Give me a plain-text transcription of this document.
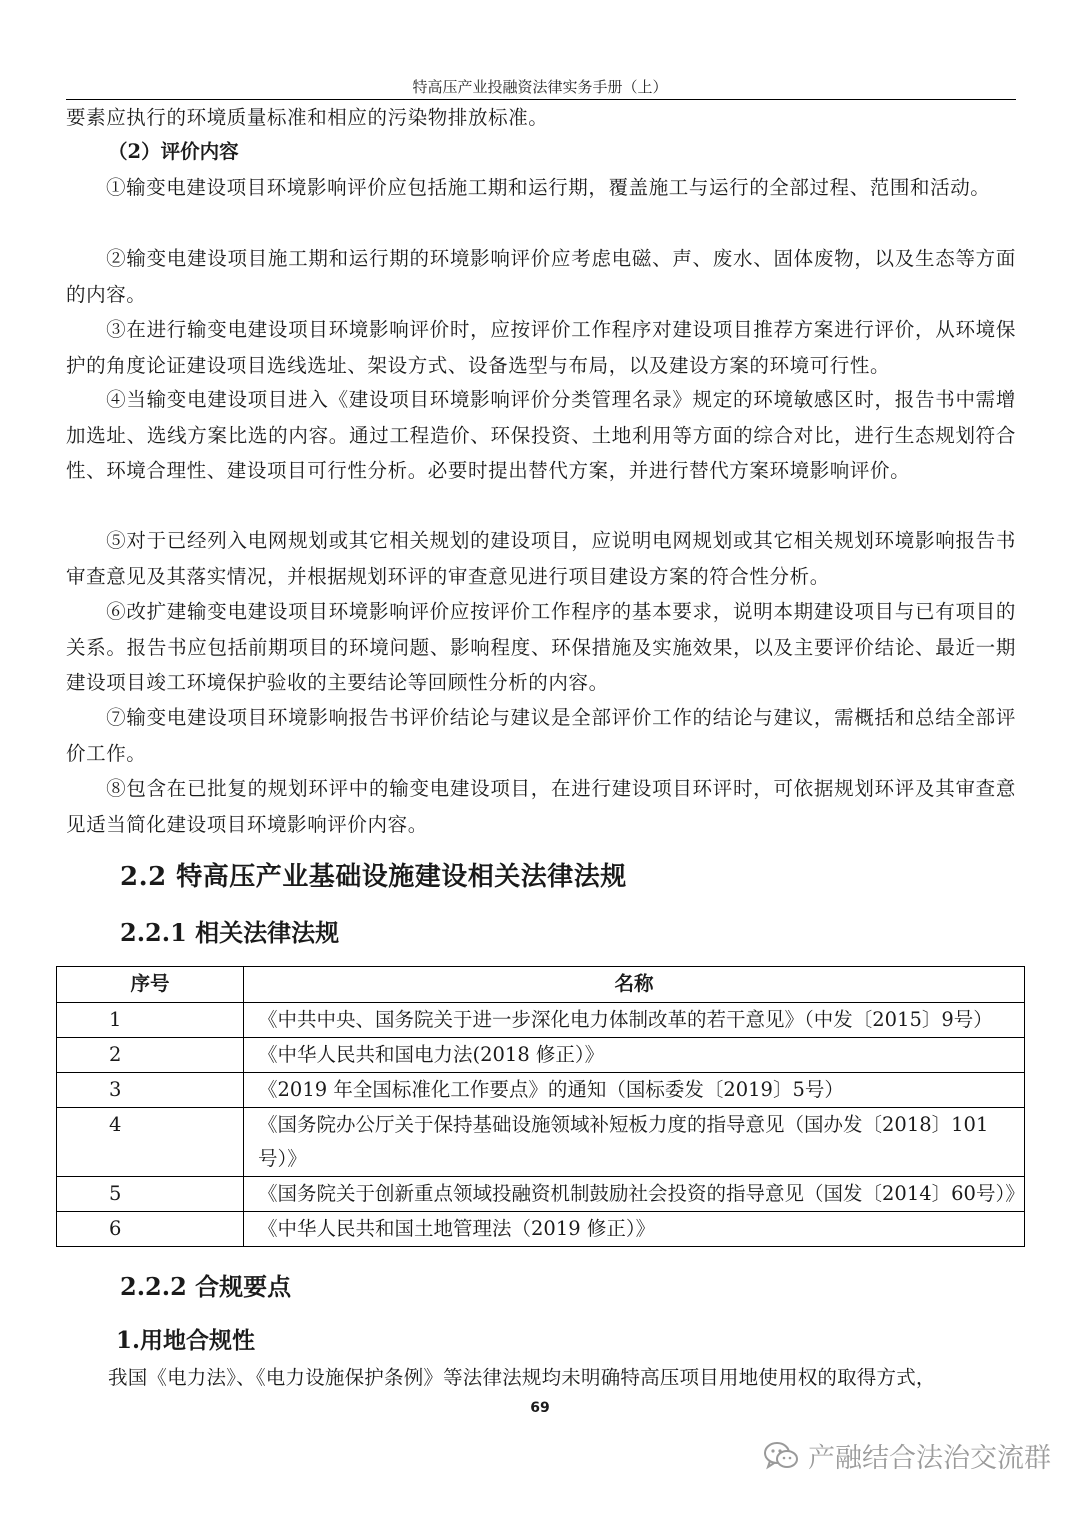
特高压产业投融资法律实务手册（上）

要素应执行的环境质量标准和相应的污染物排放标准。

（2）评价内容

①输变电建设项目环境影响评价应包括施工期和运行期，覆盖施工与运行的全部过程、范围和活动。

②输变电建设项目施工期和运行期的环境影响评价应考虑电磁、声、废水、固体废物，以及生态等方面的内容。

③在进行输变电建设项目环境影响评价时，应按评价工作程序对建设项目推荐方案进行评价，从环境保护的角度论证建设项目选线选址、架设方式、设备选型与布局，以及建设方案的环境可行性。

④当输变电建设项目进入《建设项目环境影响评价分类管理名录》规定的环境敏感区时，报告书中需增加选址、选线方案比选的内容。通过工程造价、环保投资、土地利用等方面的综合对比，进行生态规划符合性、环境合理性、建设项目可行性分析。必要时提出替代方案，并进行替代方案环境影响评价。

⑤对于已经列入电网规划或其它相关规划的建设项目，应说明电网规划或其它相关规划环境影响报告书审查意见及其落实情况，并根据规划环评的审查意见进行项目建设方案的符合性分析。

⑥改扩建输变电建设项目环境影响评价应按评价工作程序的基本要求，说明本期建设项目与已有项目的关系。报告书应包括前期项目的环境问题、影响程度、环保措施及实施效果，以及主要评价结论、最近一期建设项目竣工环境保护验收的主要结论等回顾性分析的内容。

⑦输变电建设项目环境影响报告书评价结论与建议是全部评价工作的结论与建议，需概括和总结全部评价工作。

⑧包含在已批复的规划环评中的输变电建设项目，在进行建设项目环评时，可依据规划环评及其审查意见适当简化建设项目环境影响评价内容。

2.2 特高压产业基础设施建设相关法律法规
2.2.1 相关法律法规
序号	名称
1	《中共中央、国务院关于进一步深化电力体制改革的若干意见》（中发〔2015〕9号）
2	《中华人民共和国电力法(2018 修正）》
3	《2019 年全国标准化工作要点》的通知（国标委发〔2019〕5号）
4	《国务院办公厅关于保持基础设施领域补短板力度的指导意见（国办发〔2018〕101号）》
5	《国务院关于创新重点领域投融资机制鼓励社会投资的指导意见（国发〔2014〕60号）》
6	《中华人民共和国土地管理法（2019 修正）》
2.2.2 合规要点
1.用地合规性

我国《电力法》、《电力设施保护条例》等法律法规均未明确特高压项目用地使用权的取得方式，

69
产融结合法治交流群
